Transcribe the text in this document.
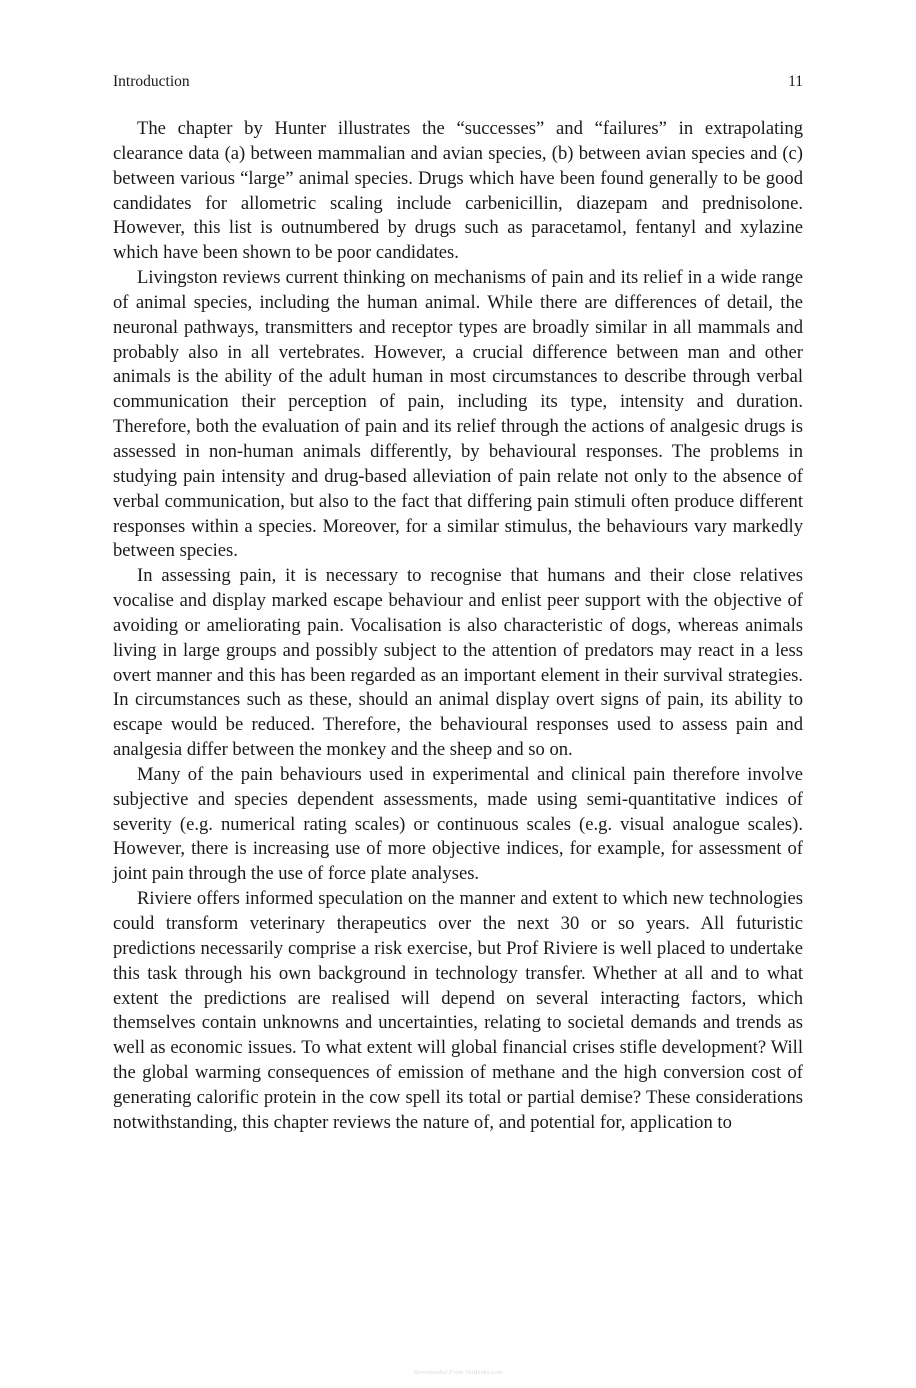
Introduction	11

The chapter by Hunter illustrates the “successes” and “failures” in extrapolating clearance data (a) between mammalian and avian species, (b) between avian species and (c) between various “large” animal species. Drugs which have been found generally to be good candidates for allometric scaling include carbenicillin, diazepam and prednisolone. However, this list is outnumbered by drugs such as paracetamol, fentanyl and xylazine which have been shown to be poor candidates.

Livingston reviews current thinking on mechanisms of pain and its relief in a wide range of animal species, including the human animal. While there are differences of detail, the neuronal pathways, transmitters and receptor types are broadly similar in all mammals and probably also in all vertebrates. However, a crucial difference between man and other animals is the ability of the adult human in most circumstances to describe through verbal communication their perception of pain, including its type, intensity and duration. Therefore, both the evaluation of pain and its relief through the actions of analgesic drugs is assessed in non-human animals differently, by behavioural responses. The problems in studying pain intensity and drug-based alleviation of pain relate not only to the absence of verbal communication, but also to the fact that differing pain stimuli often produce different responses within a species. Moreover, for a similar stimulus, the behaviours vary markedly between species.

In assessing pain, it is necessary to recognise that humans and their close relatives vocalise and display marked escape behaviour and enlist peer support with the objective of avoiding or ameliorating pain. Vocalisation is also characteristic of dogs, whereas animals living in large groups and possibly subject to the attention of predators may react in a less overt manner and this has been regarded as an important element in their survival strategies. In circumstances such as these, should an animal display overt signs of pain, its ability to escape would be reduced. Therefore, the behavioural responses used to assess pain and analgesia differ between the monkey and the sheep and so on.

Many of the pain behaviours used in experimental and clinical pain therefore involve subjective and species dependent assessments, made using semi-quantitative indices of severity (e.g. numerical rating scales) or continuous scales (e.g. visual analogue scales). However, there is increasing use of more objective indices, for example, for assessment of joint pain through the use of force plate analyses.

Riviere offers informed speculation on the manner and extent to which new technologies could transform veterinary therapeutics over the next 30 or so years. All futuristic predictions necessarily comprise a risk exercise, but Prof Riviere is well placed to undertake this task through his own background in technology transfer. Whether at all and to what extent the predictions are realised will depend on several interacting factors, which themselves contain unknowns and uncertainties, relating to societal demands and trends as well as economic issues. To what extent will global financial crises stifle development? Will the global warming consequences of emission of methane and the high conversion cost of generating calorific protein in the cow spell its total or partial demise? These considerations notwithstanding, this chapter reviews the nature of, and potential for, application to

Downloaded From VetBooks.com
